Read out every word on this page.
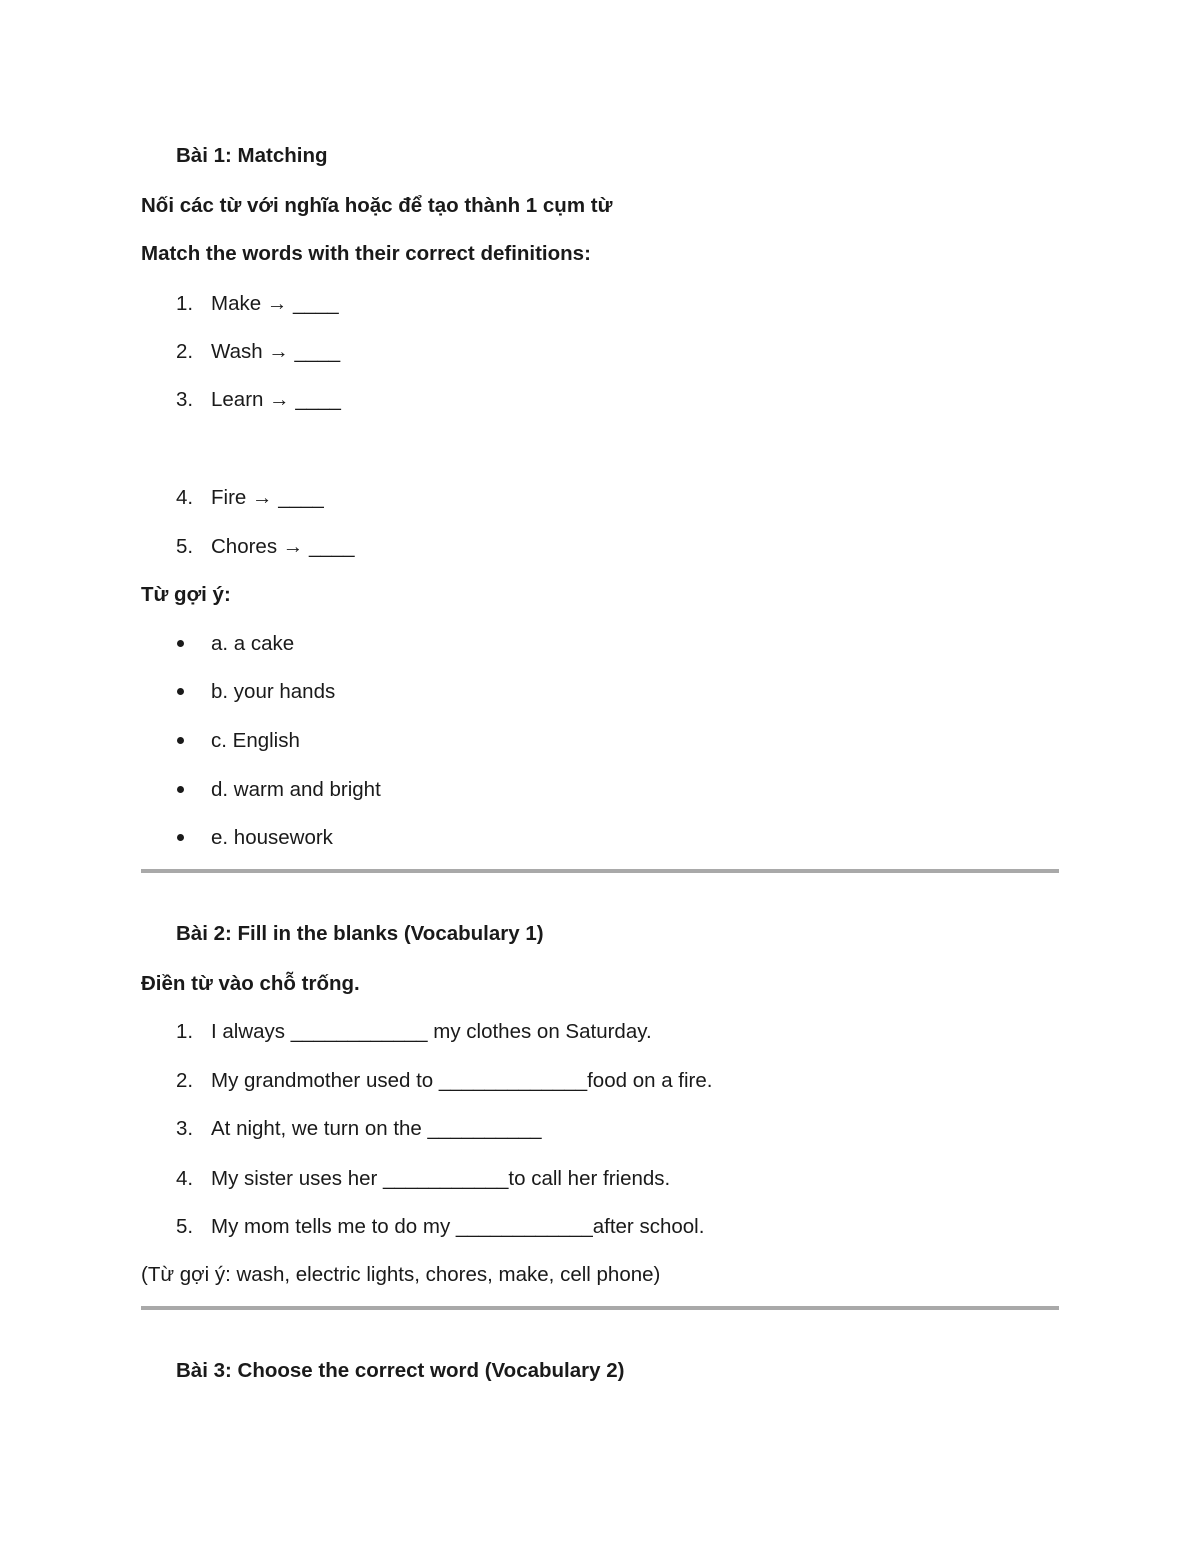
Bài 1: Matching
Nối các từ với nghĩa hoặc để tạo thành 1 cụm từ
Match the words with their correct definitions:
1. Make → ____
2. Wash → ____
3. Learn → ____
4. Fire → ____
5. Chores → ____
Từ gợi ý:
a. a cake
b. your hands
c. English
d. warm and bright
e. housework
Bài 2: Fill in the blanks (Vocabulary 1)
Điền từ vào chỗ trống.
1. I always ____________ my clothes on Saturday.
2. My grandmother used to _____________food on a fire.
3. At night, we turn on the __________
4. My sister uses her ___________to call her friends.
5. My mom tells me to do my ____________after school.
(Từ gợi ý: wash, electric lights, chores, make, cell phone)
Bài 3: Choose the correct word (Vocabulary 2)
